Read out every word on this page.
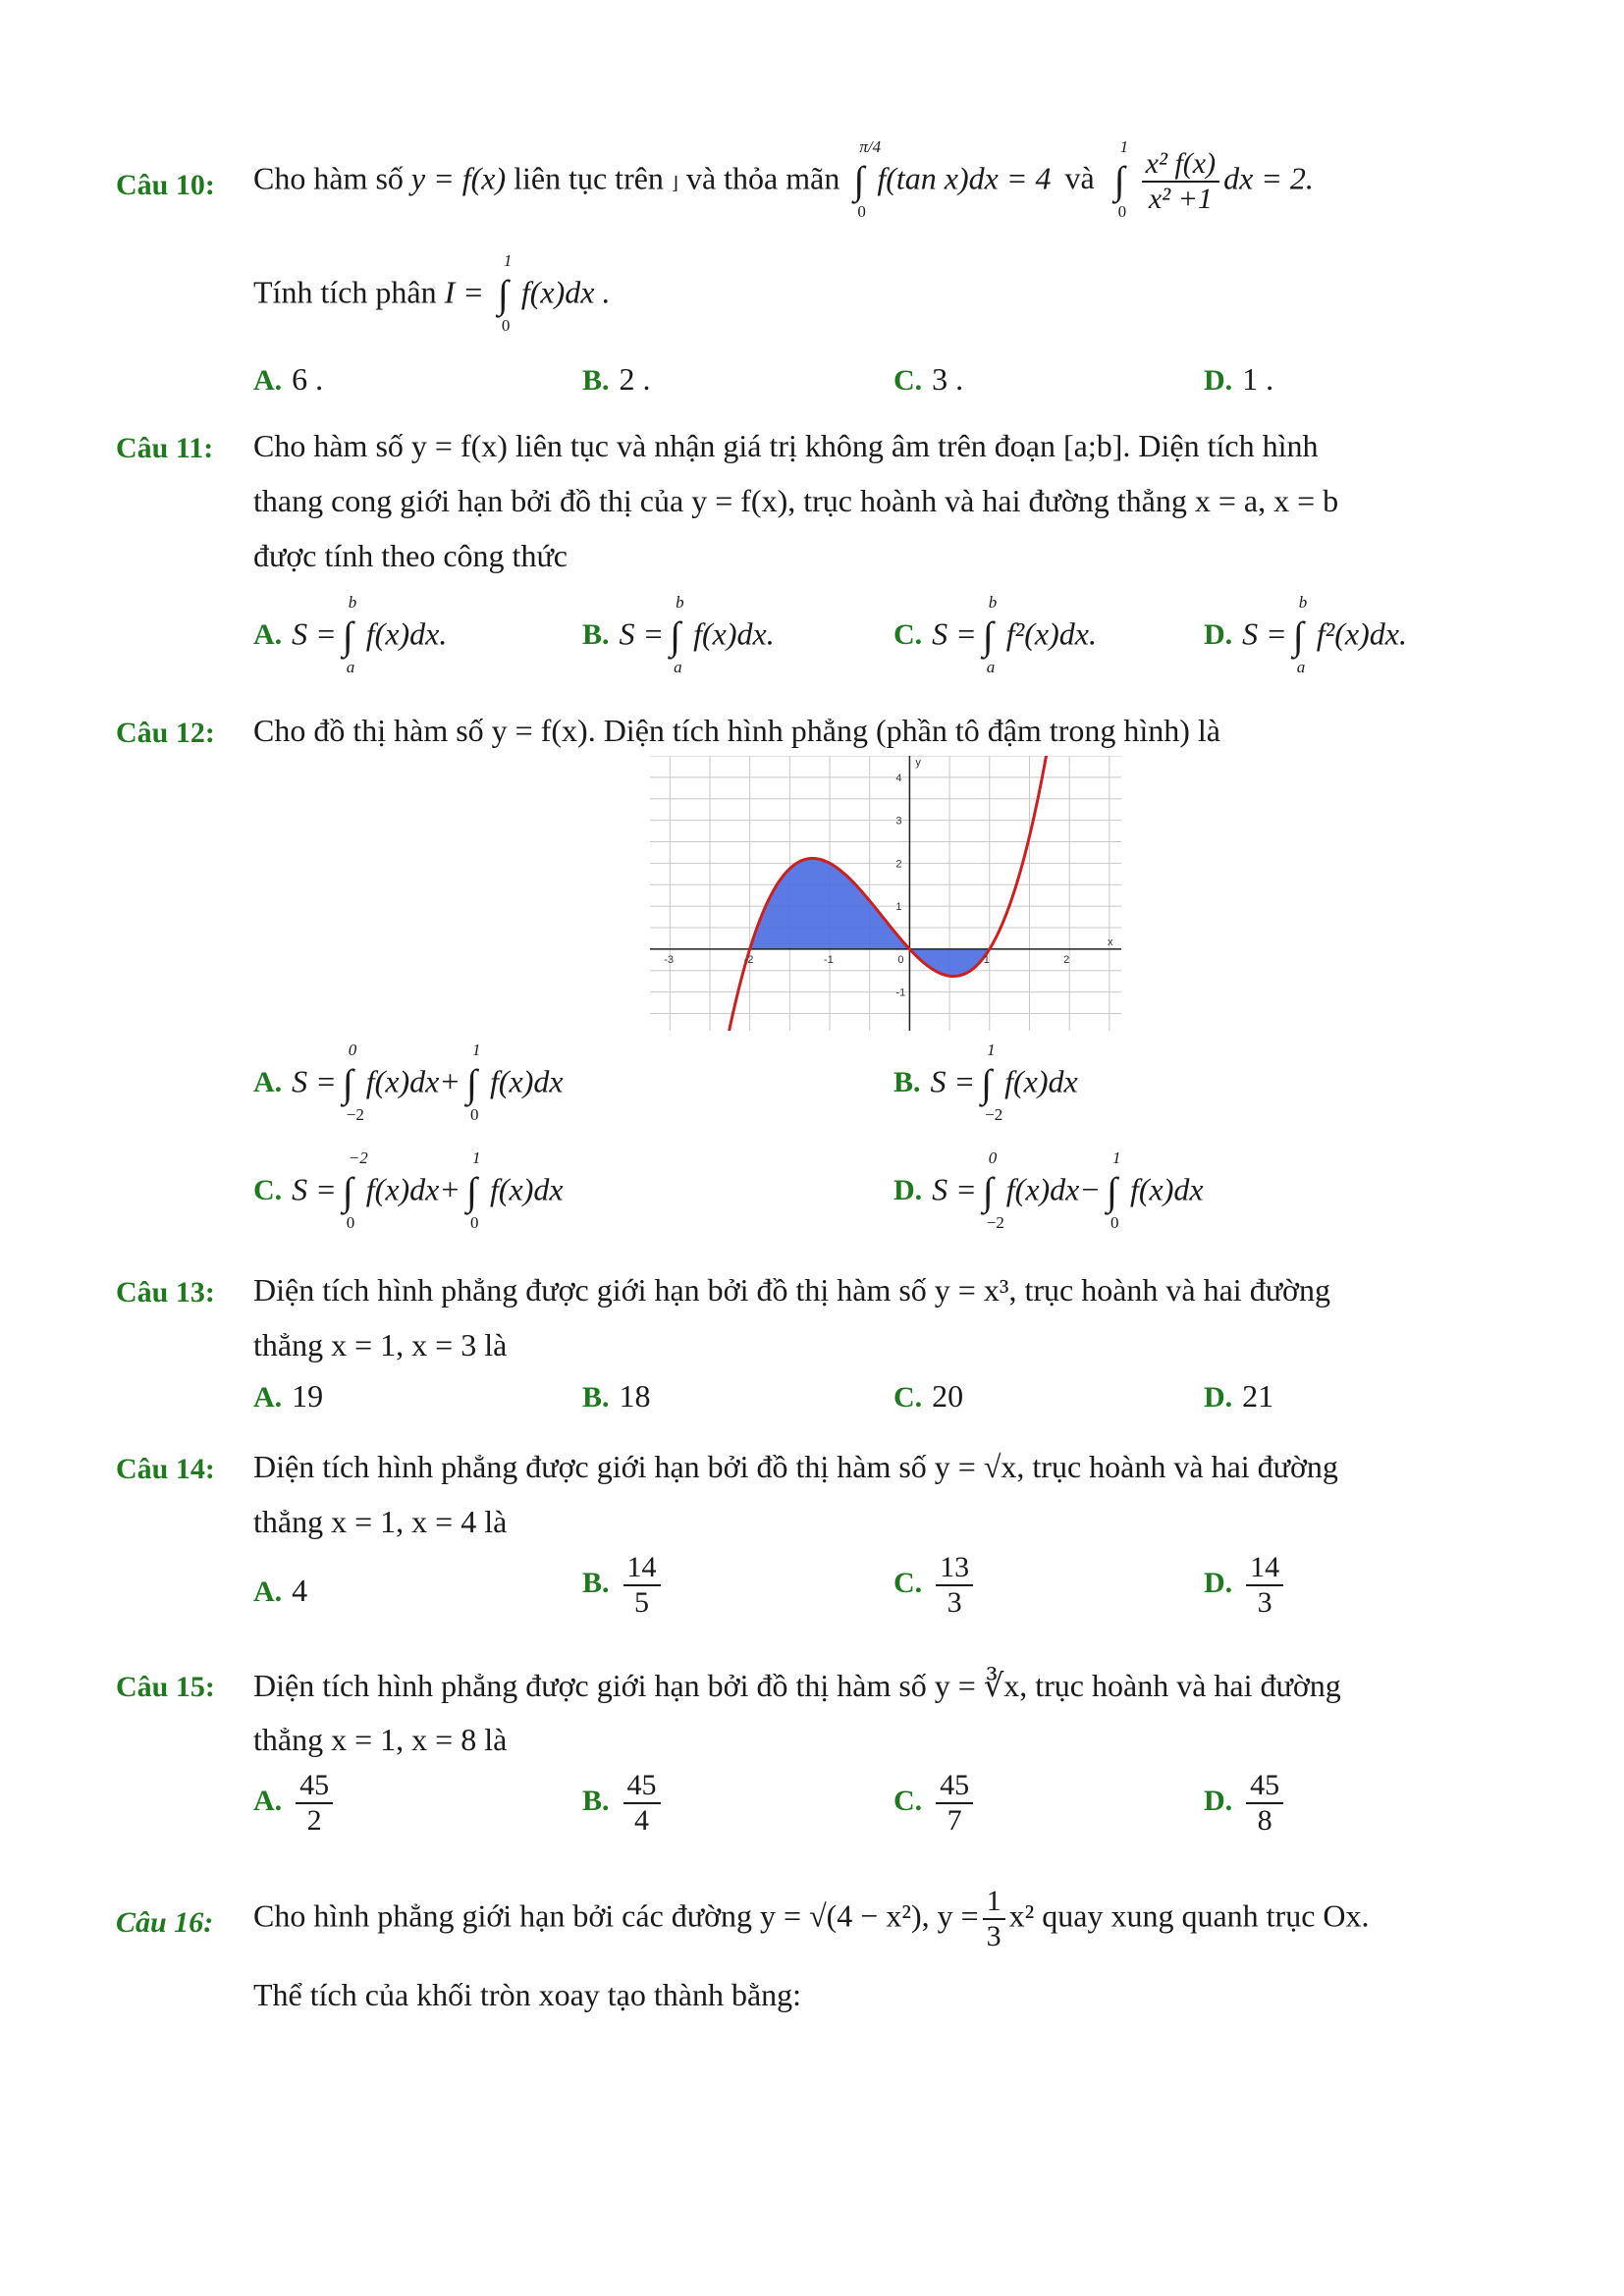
Câu 10: Cho hàm số y = f(x) liên tục trên ⌋ và thỏa mãn
π/4
∫
0
f(tan x)dx = 4 và
1
∫
$0 \frac{\text{x² f(x)}}{\text{x² +1}}$ dx = 2.
Tính tích phân I =
1
∫
0
f(x)dx .
A. 6 .	B. 2 .	C. 3 .	D. 1 .
Câu 11: Cho hàm số y = f(x) liên tục và nhận giá trị không âm trên đoạn [a;b]. Diện tích hình
thang cong giới hạn bởi đồ thị của y = f(x), trục hoành và hai đường thẳng x = a, x = b
được tính theo công thức
A. S =
b
∫
a
f(x)dx.	B. S =
b
∫
a
f(x)dx.	C. S =
b
∫
a
f²(x)dx.	D. S =
b
∫
a
f²(x)dx.
Câu 12: Cho đồ thị hàm số y = f(x). Diện tích hình phẳng (phần tô đậm trong hình) là
-3	-2	-1	1	2
4
3
2
1
-1
x
y
0
A. S =
0
∫
−2
f(x)dx+
1
∫
0
f(x)dx	B. S =
1
∫
−2
f(x)dx
C. S =
−2
∫
0
f(x)dx+
1
∫
0
f(x)dx	D. S =
0
∫
−2
f(x)dx−
1
∫
0
f(x)dx
Câu 13: Diện tích hình phẳng được giới hạn bởi đồ thị hàm số y = x³, trục hoành và hai đường
thẳng x = 1, x = 3 là
A. 19	B. 18	C. 20	D. 21
Câu 14: Diện tích hình phẳng được giới hạn bởi đồ thị hàm số y = √x, trục hoành và hai đường
thẳng x = 1, x = 4 là
A. 4	B. $\frac{14}{5}$	C. $\frac{13}{3}$	D. $\frac{14}{3}$
Câu 15: Diện tích hình phẳng được giới hạn bởi đồ thị hàm số y = ∛x, trục hoành và hai đường
thẳng x = 1, x = 8 là
A. $\frac{45}{2}$	B. $\frac{45}{4}$	C. $\frac{45}{7}$	D. $\frac{45}{8}$
Câu 16: Cho hình phẳng giới hạn bởi các đường y = √(4 − x²), $y = \frac{1}{3} x^2$ quay xung quanh trục Ox.
Thể tích của khối tròn xoay tạo thành bằng:
